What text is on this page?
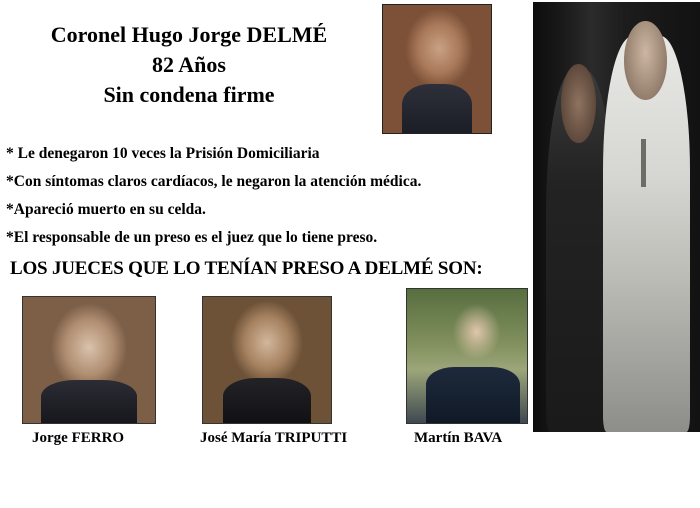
Coronel Hugo Jorge DELMÉ
82 Años
Sin condena firme
* Le denegaron 10 veces la Prisión Domiciliaria
*Con síntomas claros cardíacos, le negaron la atención médica.
*Apareció muerto en su celda.
*El responsable de un preso es el juez que lo tiene preso.
LOS JUECES QUE LO TENÍAN PRESO A DELMÉ SON:
Jorge FERRO	José María TRIPUTTI	Martín BAVA
